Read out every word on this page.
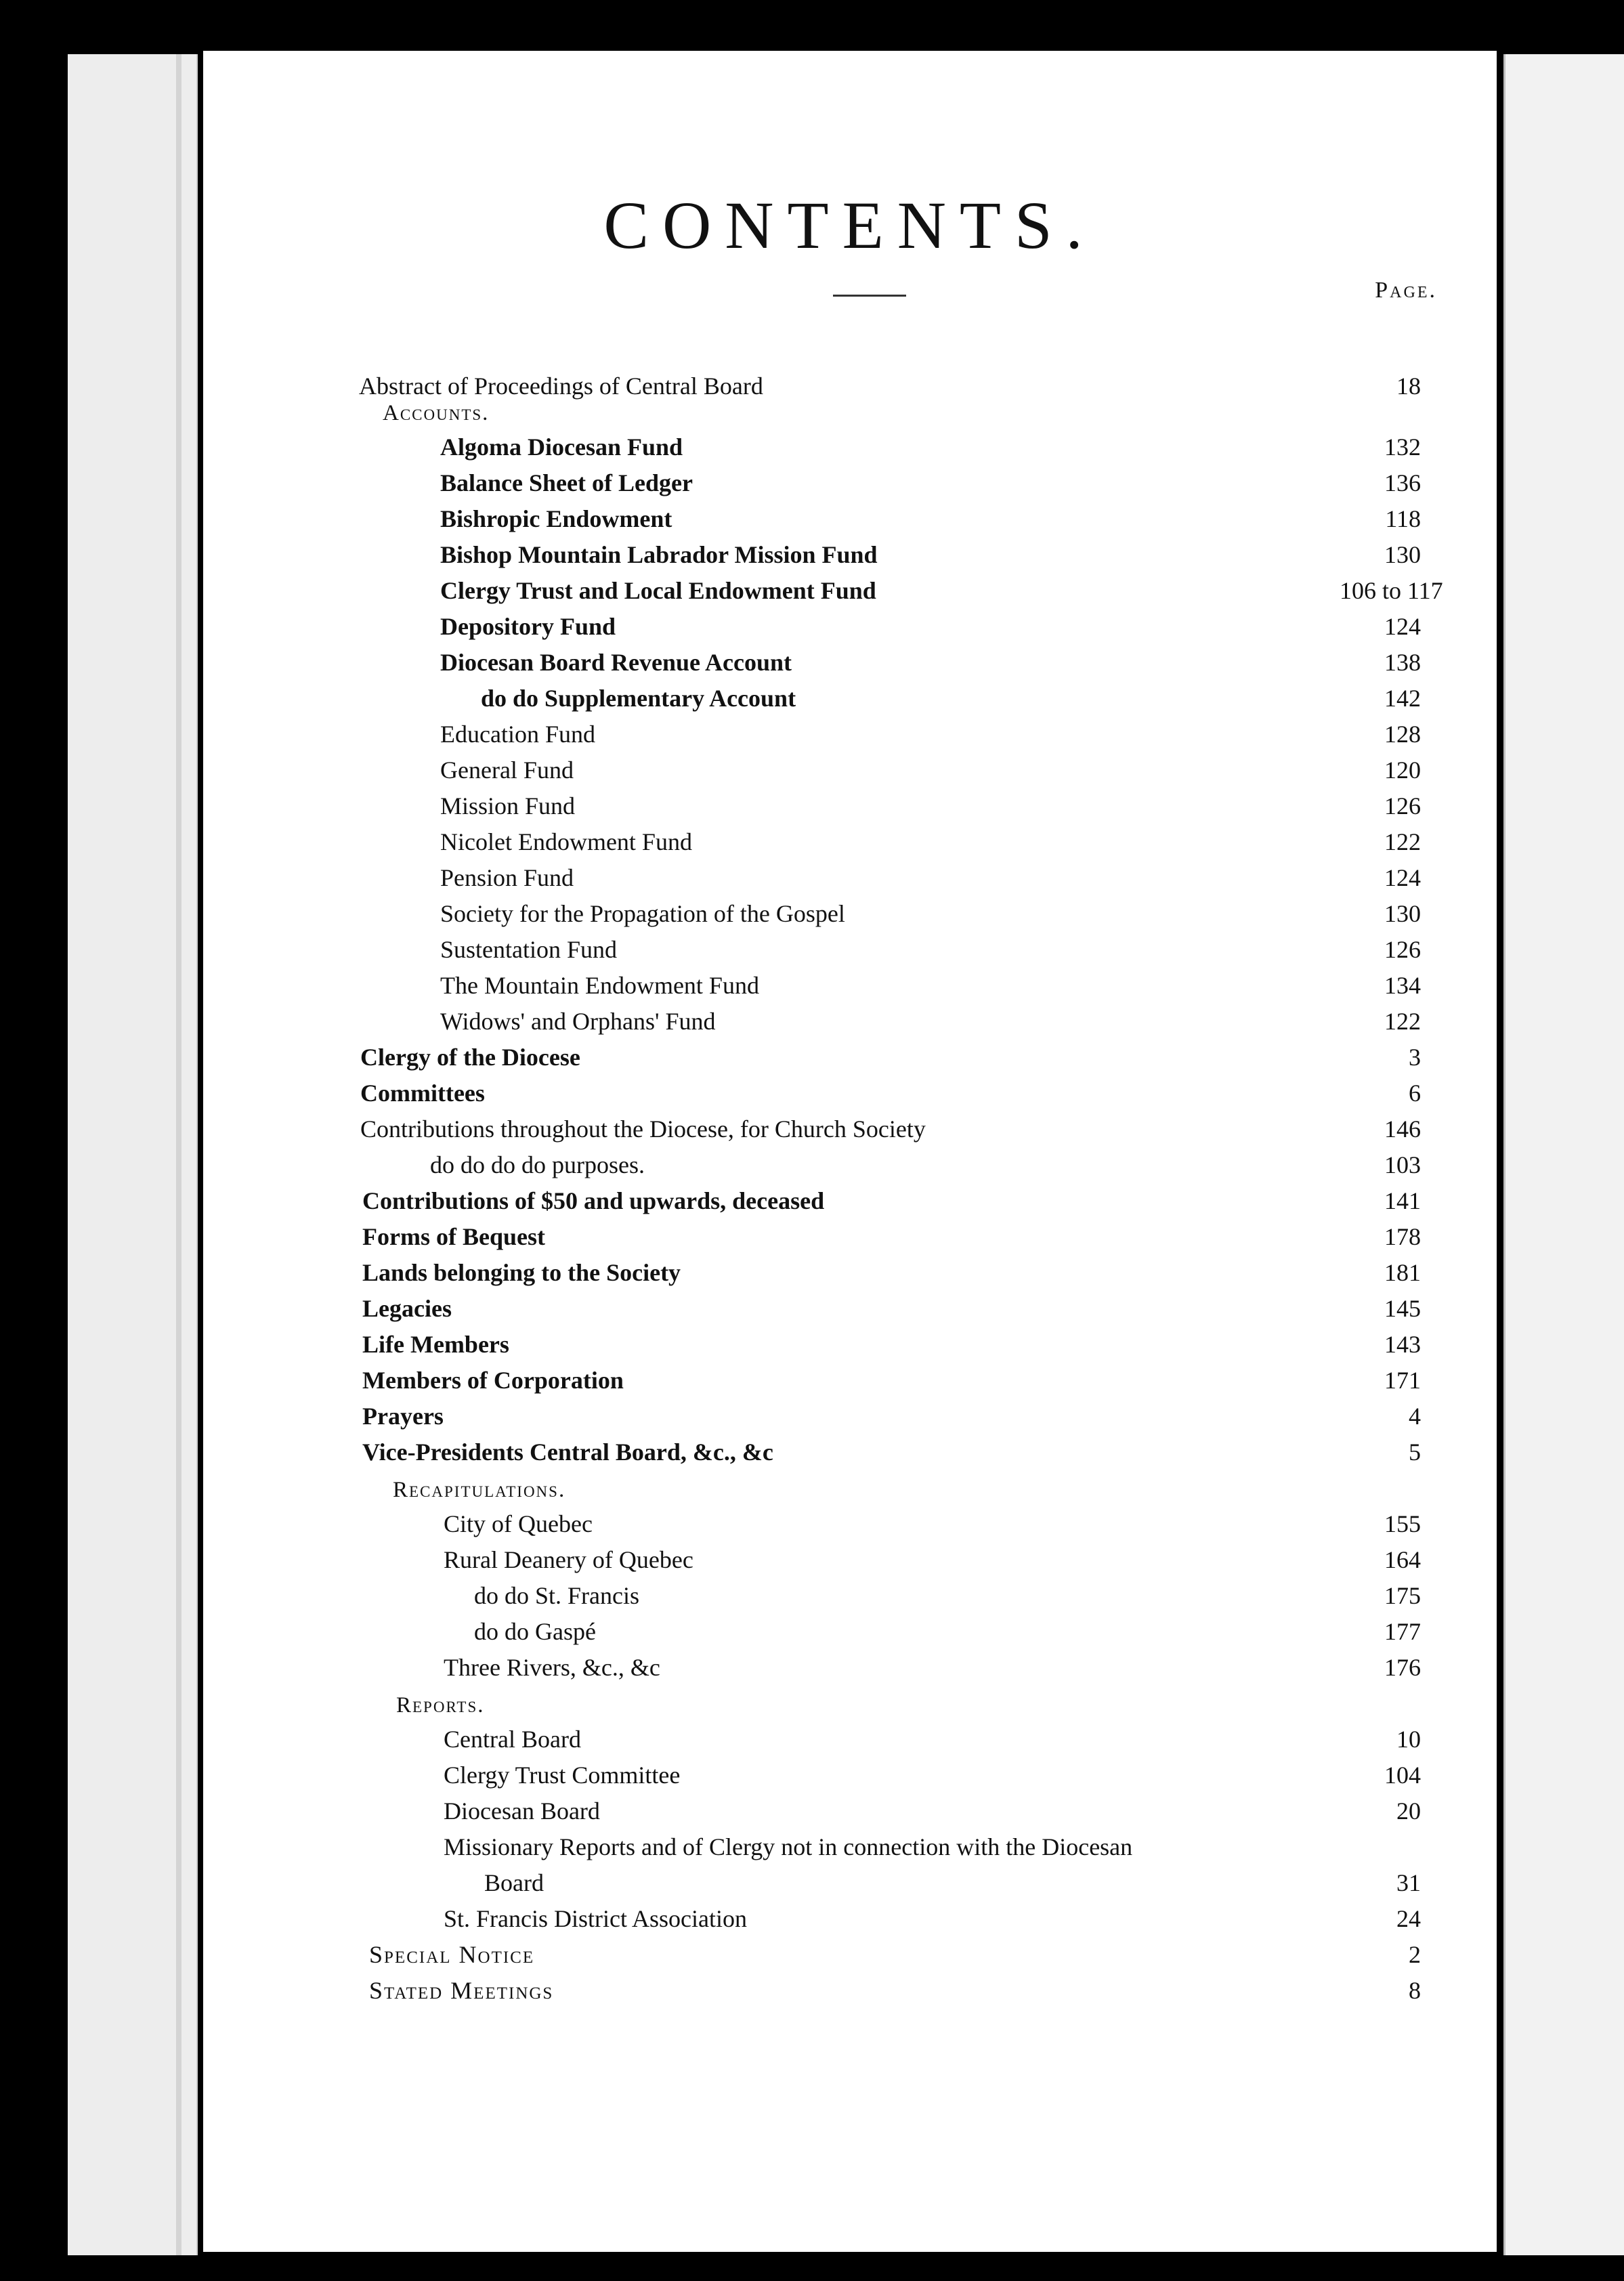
CONTENTS.
Page.
Accounts.
Recapitulations.
Reports.
Abstract of Proceedings of Central Board	18
Algoma Diocesan Fund	132
Balance Sheet of Ledger	136
Bishropic Endowment	118
Bishop Mountain Labrador Mission Fund	130
Clergy Trust and Local Endowment Fund	106 to 117
Depository Fund	124
Diocesan Board Revenue Account	138
do do Supplementary Account	142
Education Fund	128
General Fund	120
Mission Fund	126
Nicolet Endowment Fund	122
Pension Fund	124
Society for the Propagation of the Gospel	130
Sustentation Fund	126
The Mountain Endowment Fund	134
Widows' and Orphans' Fund	122
Clergy of the Diocese	3
Committees	6
Contributions throughout the Diocese, for Church Society	146
do do do do purposes.	103
Contributions of $50 and upwards, deceased	141
Forms of Bequest	178
Lands belonging to the Society	181
Legacies	145
Life Members	143
Members of Corporation	171
Prayers	4
Vice-Presidents Central Board, &c., &c	5
City of Quebec	155
Rural Deanery of Quebec	164
do do St. Francis	175
do do Gaspé	177
Three Rivers, &c., &c	176
Central Board	10
Clergy Trust Committee	104
Diocesan Board	20
Missionary Reports and of Clergy not in connection with the Diocesan
Board	31
St. Francis District Association	24
Special Notice	2
Stated Meetings	8
